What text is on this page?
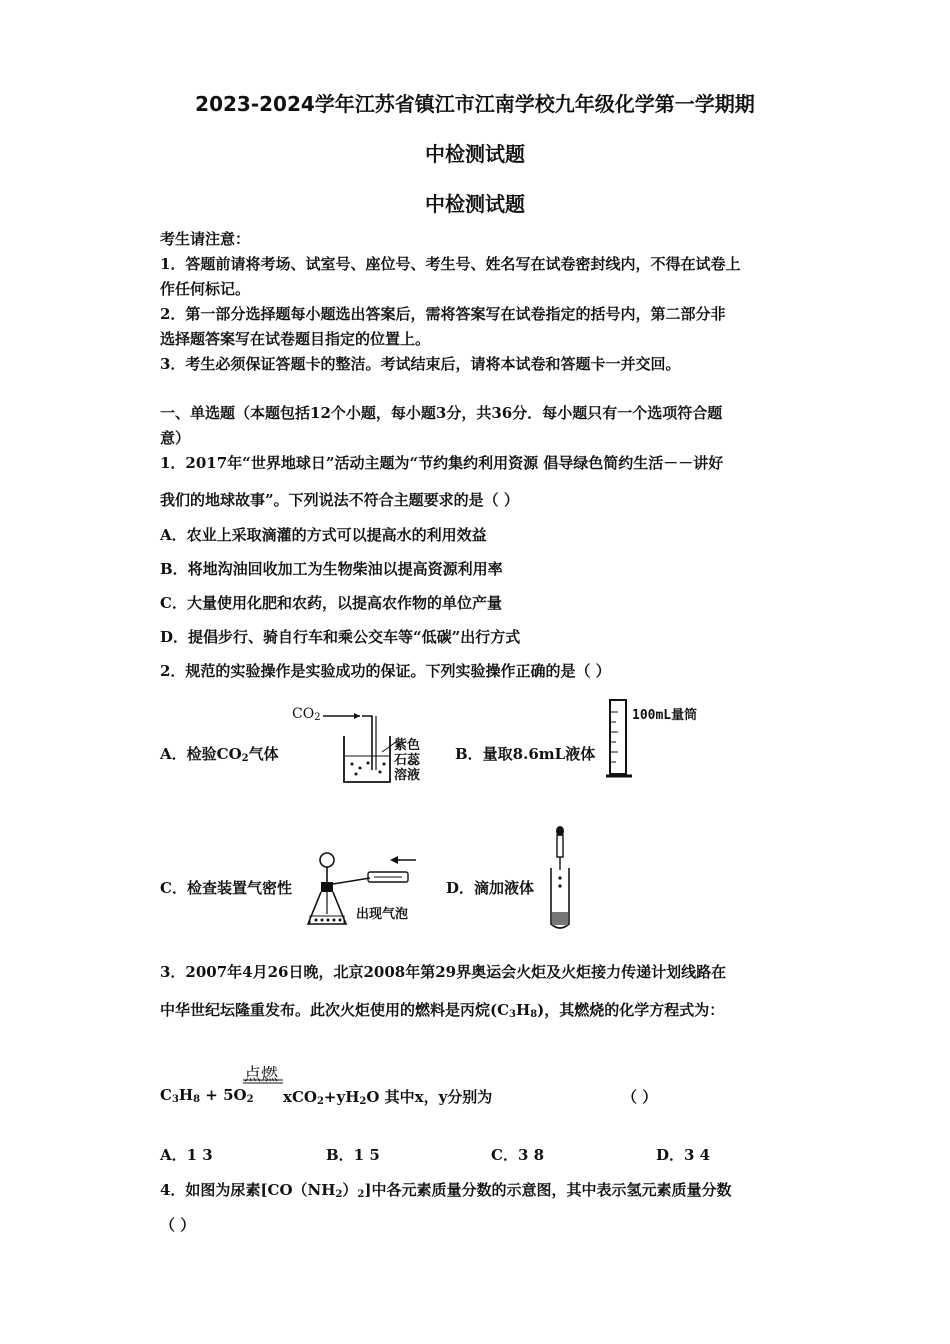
2023-2024学年江苏省镇江市江南学校九年级化学第一学期期
中检测试题
中检测试题
考生请注意：
1．答题前请将考场、试室号、座位号、考生号、姓名写在试卷密封线内，不得在试卷上
作任何标记。
2．第一部分选择题每小题选出答案后，需将答案写在试卷指定的括号内，第二部分非
选择题答案写在试卷题目指定的位置上。
3．考生必须保证答题卡的整洁。考试结束后，请将本试卷和答题卡一并交回。
一、单选题（本题包括12个小题，每小题3分，共36分．每小题只有一个选项符合题
意）
1．2017年“世界地球日”活动主题为“节约集约利用资源 倡导绿色简约生活－－讲好
我们的地球故事”。下列说法不符合主题要求的是（ ）
A．农业上采取滴灌的方式可以提高水的利用效益
B．将地沟油回收加工为生物柴油以提高资源利用率
C．大量使用化肥和农药，以提高农作物的单位产量
D．提倡步行、骑自行车和乘公交车等“低碳”出行方式
2．规范的实验操作是实验成功的保证。下列实验操作正确的是（ ）
A．检验$CO_2$气体
$CO_2$
紫色
石蕊
溶液
B．量取8.6mL液体
100mL量筒
C．检查装置气密性
出现气泡
D．滴加液体
3．2007年4月26日晚，北京2008年第29界奥运会火炬及火炬接力传递计划线路在
中华世纪坛隆重发布。此次火炬使用的燃料是丙烷$(C_3H_8)$，其燃烧的化学方程式为：
点燃
$C_3H_8 + 5O_2$ $xCO_2+yH_2O$ 其中x，y分别为	（ ）
A．1 3	B．1 5	C．3 8	D．3 4
4．如图为尿素$[CO(NH_2)_2]$中各元素质量分数的示意图，其中表示氢元素质量分数
（ ）
